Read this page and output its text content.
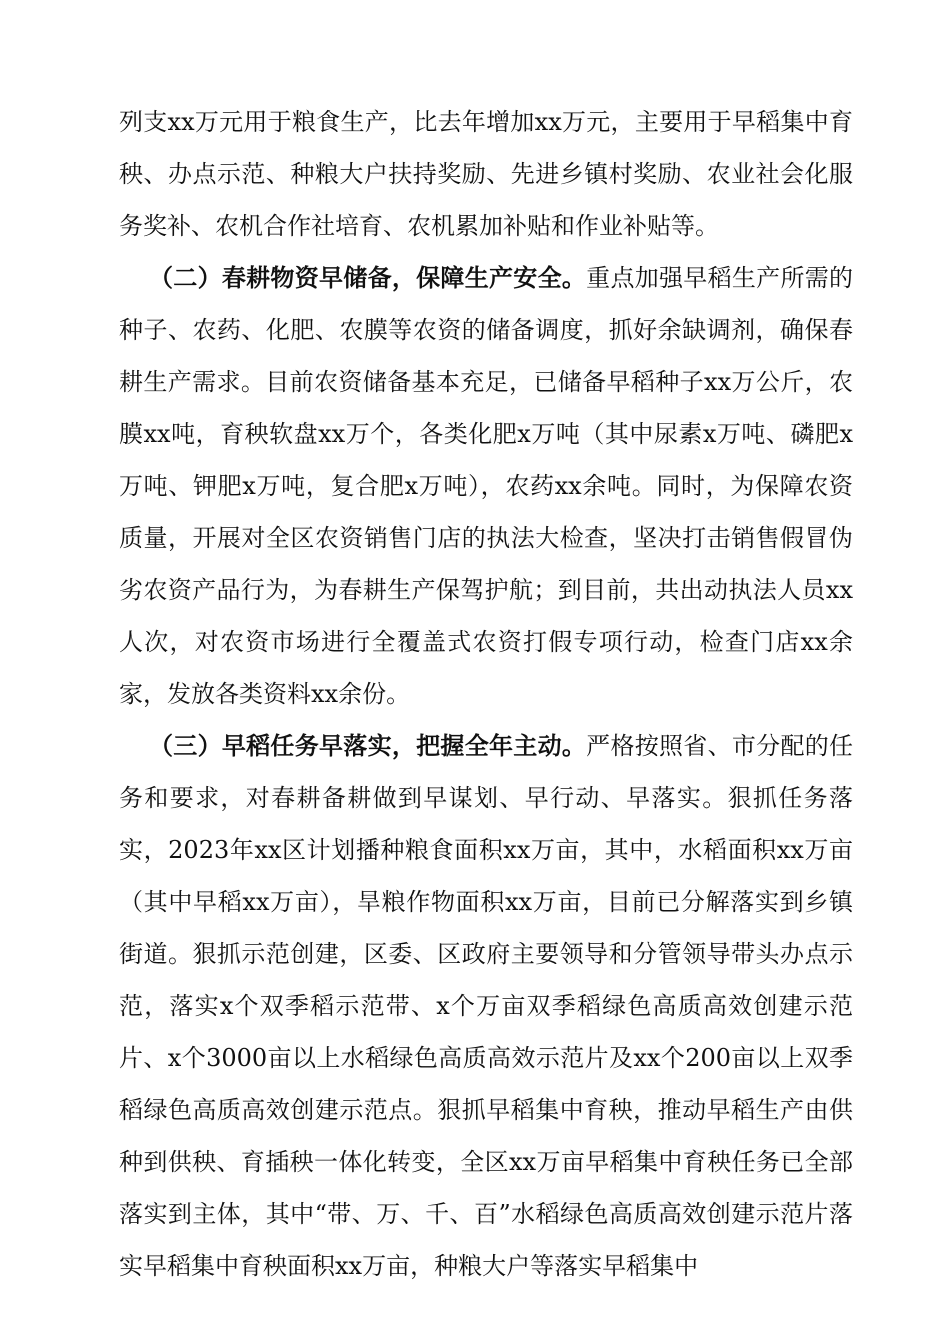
列支xx万元用于粮食生产，比去年增加xx万元，主要用于早稻集中育秧、办点示范、种粮大户扶持奖励、先进乡镇村奖励、农业社会化服务奖补、农机合作社培育、农机累加补贴和作业补贴等。

（二）春耕物资早储备，保障生产安全。重点加强早稻生产所需的种子、农药、化肥、农膜等农资的储备调度，抓好余缺调剂，确保春耕生产需求。目前农资储备基本充足，已储备早稻种子xx万公斤，农膜xx吨，育秧软盘xx万个，各类化肥x万吨（其中尿素x万吨、磷肥x万吨、钾肥x万吨，复合肥x万吨），农药xx余吨。同时，为保障农资质量，开展对全区农资销售门店的执法大检查，坚决打击销售假冒伪劣农资产品行为，为春耕生产保驾护航；到目前，共出动执法人员xx人次，对农资市场进行全覆盖式农资打假专项行动，检查门店xx余家，发放各类资料xx余份。

（三）早稻任务早落实，把握全年主动。严格按照省、市分配的任务和要求，对春耕备耕做到早谋划、早行动、早落实。狠抓任务落实，2023年xx区计划播种粮食面积xx万亩，其中，水稻面积xx万亩（其中早稻xx万亩），旱粮作物面积xx万亩，目前已分解落实到乡镇街道。狠抓示范创建，区委、区政府主要领导和分管领导带头办点示范，落实x个双季稻示范带、x个万亩双季稻绿色高质高效创建示范片、x个3000亩以上水稻绿色高质高效示范片及xx个200亩以上双季稻绿色高质高效创建示范点。狠抓早稻集中育秧，推动早稻生产由供种到供秧、育插秧一体化转变，全区xx万亩早稻集中育秧任务已全部落实到主体，其中“带、万、千、百”水稻绿色高质高效创建示范片落实早稻集中育秧面积xx万亩，种粮大户等落实早稻集中
